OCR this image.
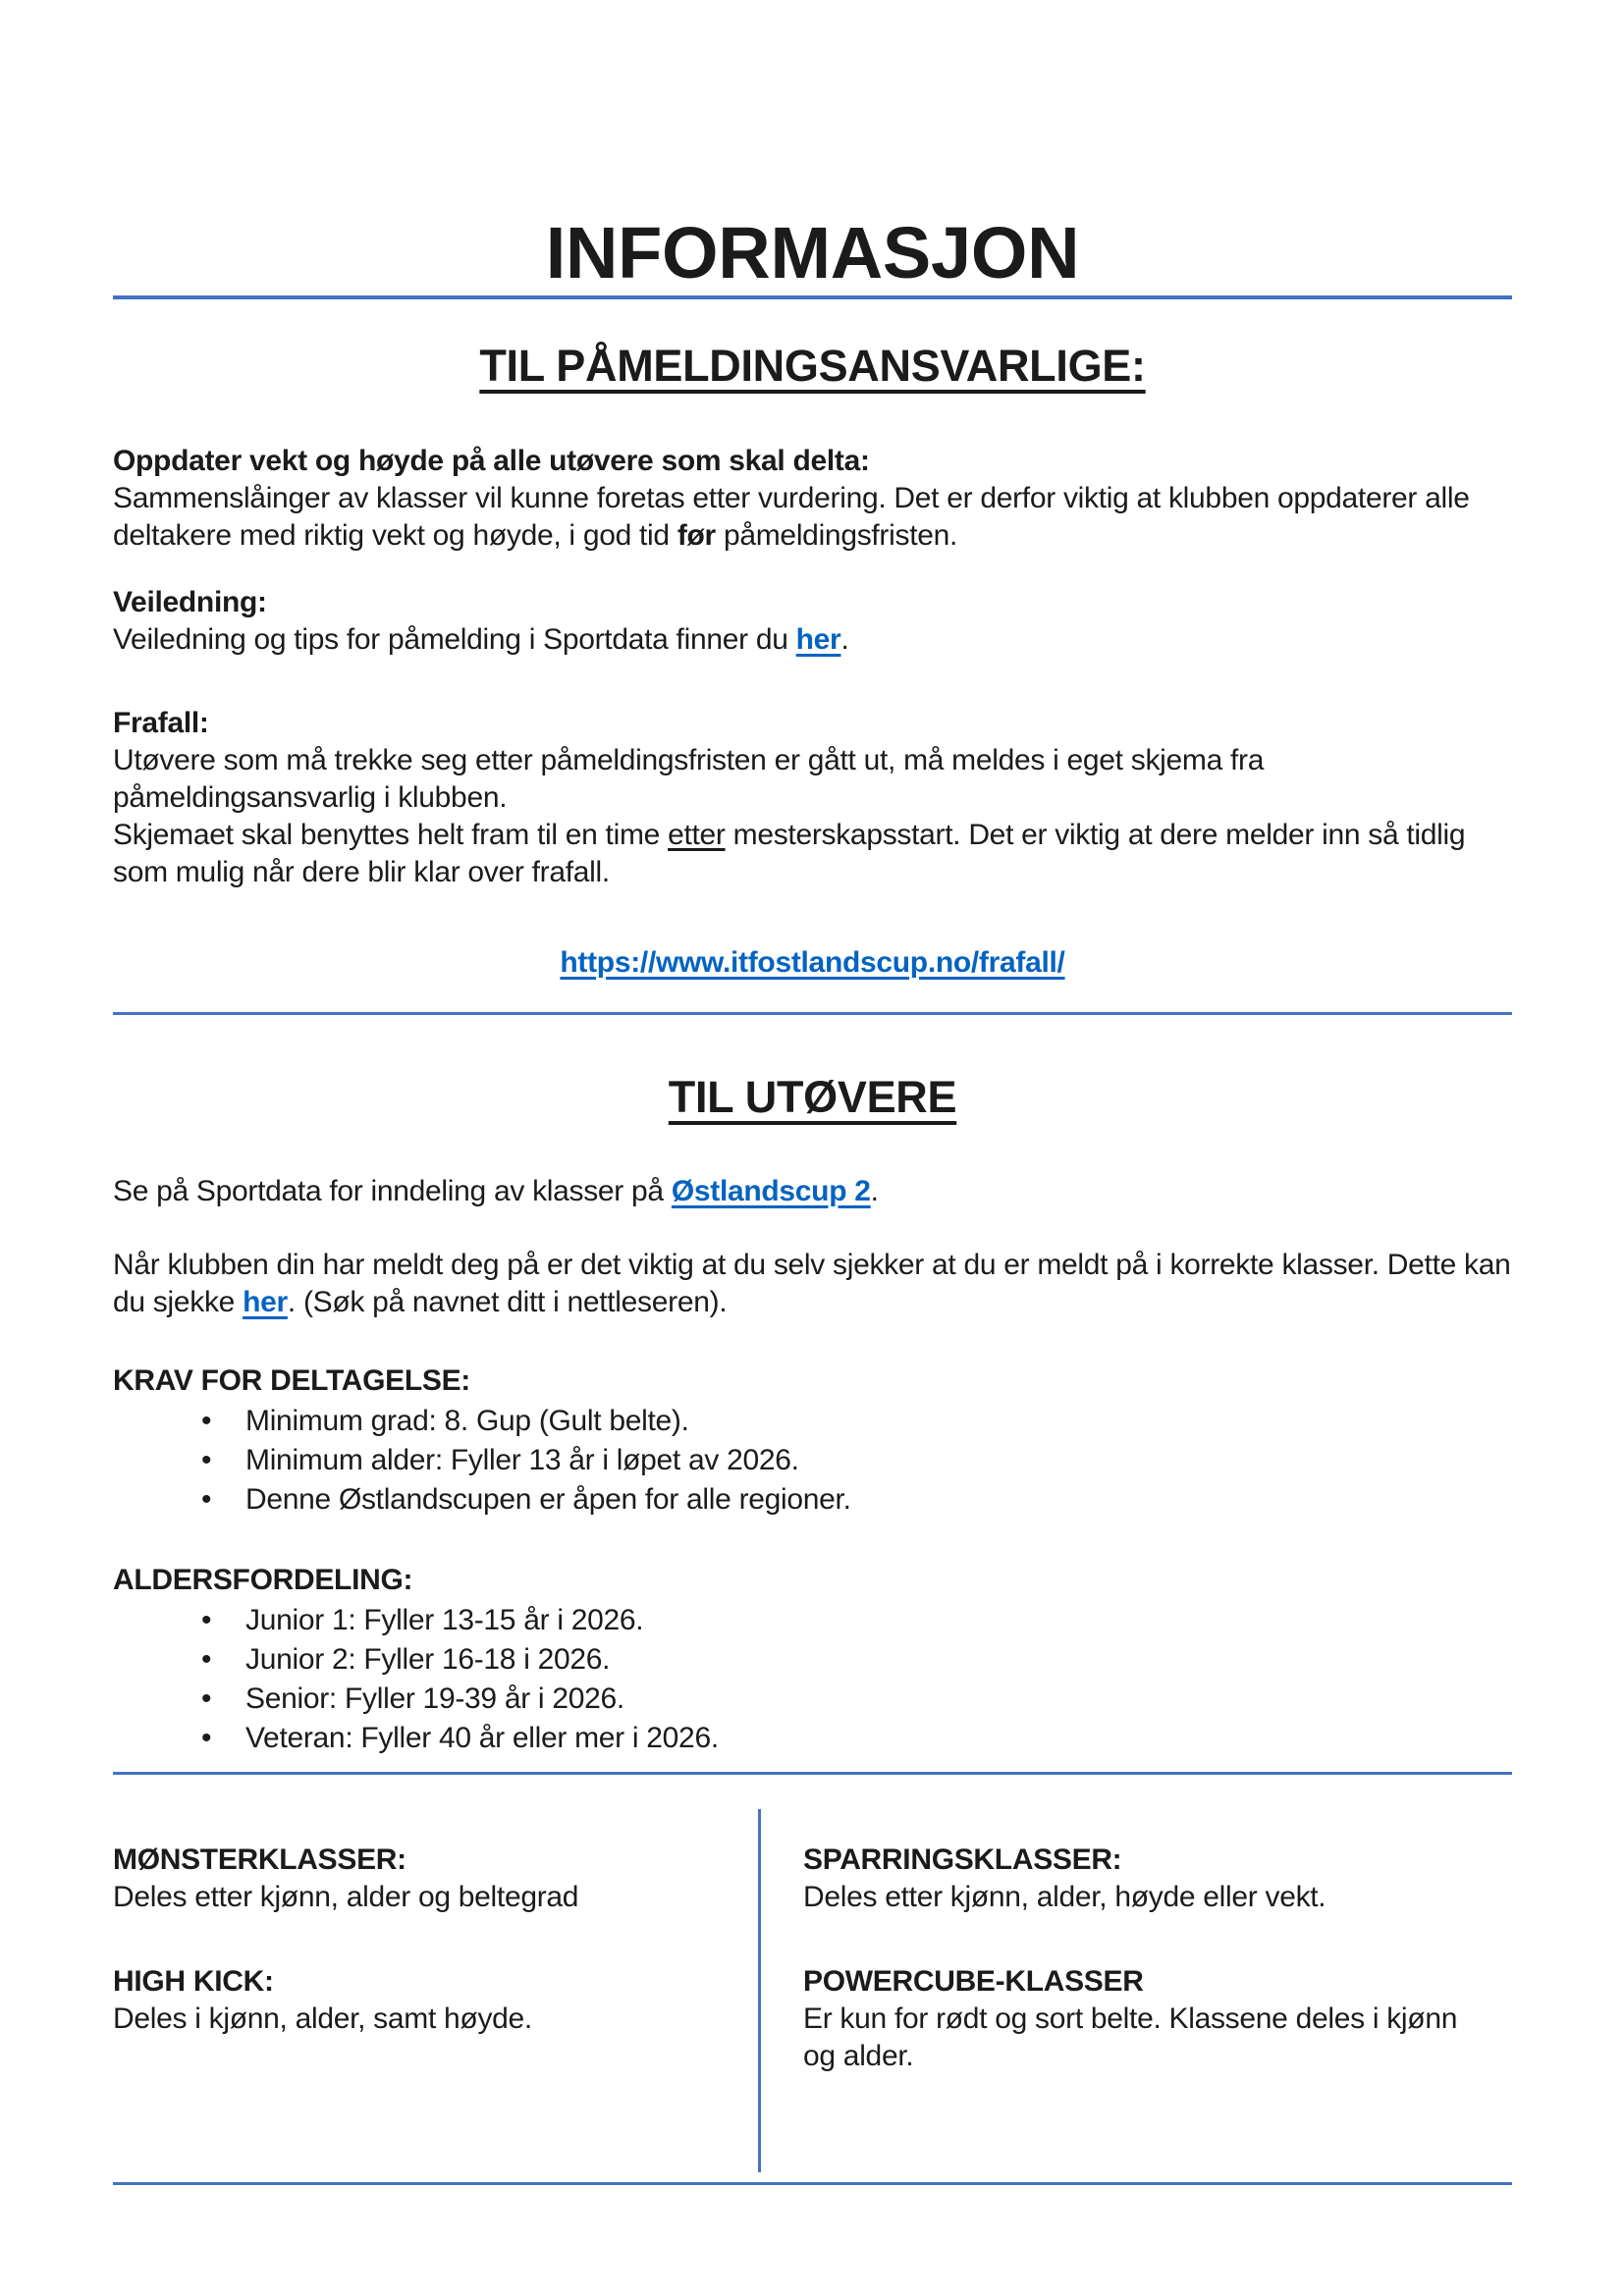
INFORMASJON
TIL PÅMELDINGSANSVARLIGE:

Oppdater vekt og høyde på alle utøvere som skal delta:
Sammenslåinger av klasser vil kunne foretas etter vurdering. Det er derfor viktig at klubben oppdaterer alle deltakere med riktig vekt og høyde, i god tid før påmeldingsfristen.

Veiledning:
Veiledning og tips for påmelding i Sportdata finner du her.

Frafall:
Utøvere som må trekke seg etter påmeldingsfristen er gått ut, må meldes i eget skjema fra påmeldingsansvarlig i klubben.
Skjemaet skal benyttes helt fram til en time etter mesterskapsstart. Det er viktig at dere melder inn så tidlig som mulig når dere blir klar over frafall.

https://www.itfostlandscup.no/frafall/

TIL UTØVERE

Se på Sportdata for inndeling av klasser på Østlandscup 2.

Når klubben din har meldt deg på er det viktig at du selv sjekker at du er meldt på i korrekte klasser. Dette kan du sjekke her. (Søk på navnet ditt i nettleseren).

KRAV FOR DELTAGELSE:

• Minimum grad: 8. Gup (Gult belte).
• Minimum alder: Fyller 13 år i løpet av 2026.
• Denne Østlandscupen er åpen for alle regioner.

ALDERSFORDELING:

• Junior 1: Fyller 13-15 år i 2026.
• Junior 2: Fyller 16-18 i 2026.
• Senior: Fyller 19-39 år i 2026.
• Veteran: Fyller 40 år eller mer i 2026.
MØNSTERKLASSER:
Deles etter kjønn, alder og beltegrad
HIGH KICK:
Deles i kjønn, alder, samt høyde.
SPARRINGSKLASSER:
Deles etter kjønn, alder, høyde eller vekt.
POWERCUBE-KLASSER
Er kun for rødt og sort belte. Klassene deles i kjønn og alder.
